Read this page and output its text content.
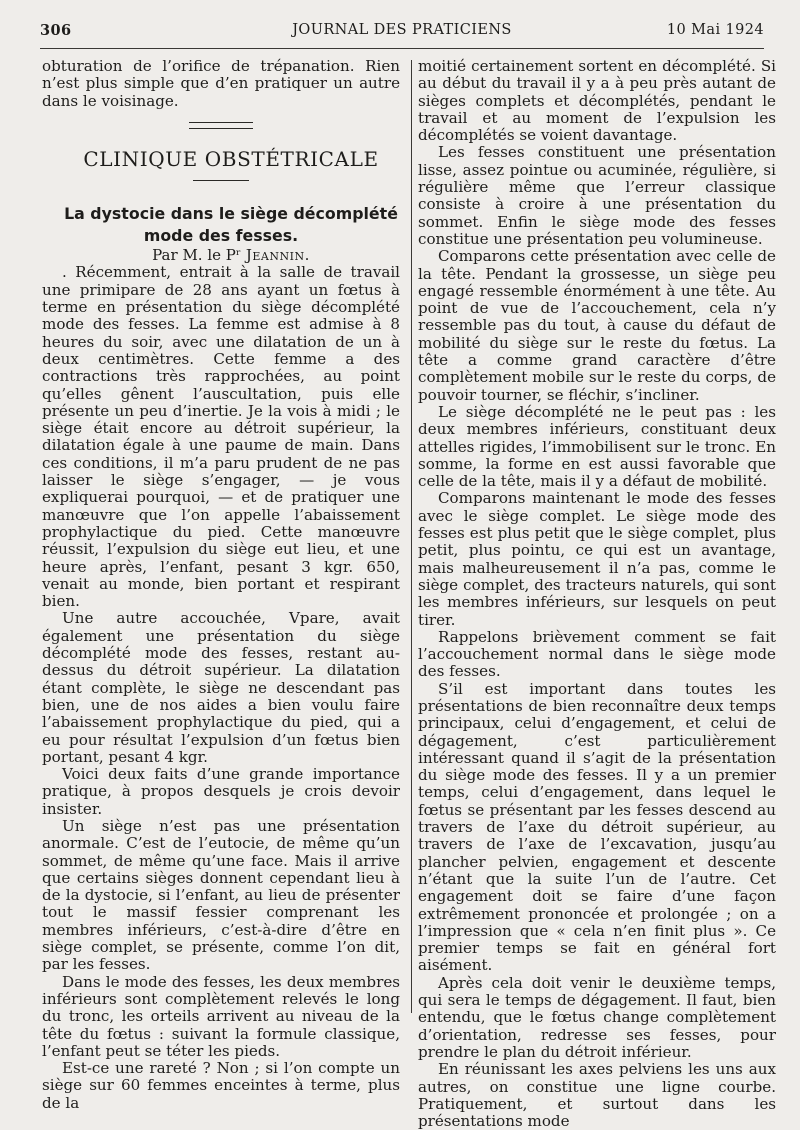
306	JOURNAL DES PRATICIENS	10 Mai 1924

obturation de l’orifice de trépanation. Rien n’est plus simple que d’en pratiquer un autre dans le voisinage.

CLINIQUE OBSTÉTRICALE

La dystocie dans le siège décomplété mode des fesses.

Par M. le Pʳ Jeannin.

. Récemment, entrait à la salle de travail une primipare de 28 ans ayant un fœtus à terme en présentation du siège décomplété mode des fesses. La femme est admise à 8 heures du soir, avec une dilatation de un à deux centimètres. Cette femme a des contractions très rapprochées, au point qu’elles gênent l’auscultation, puis elle présente un peu d’inertie. Je la vois à midi ; le siège était encore au détroit supérieur, la dilatation égale à une paume de main. Dans ces conditions, il m’a paru prudent de ne pas laisser le siège s’engager, — je vous expliquerai pourquoi, — et de pratiquer une manœuvre que l’on appelle l’abaissement prophylactique du pied. Cette manœuvre réussit, l’expulsion du siège eut lieu, et une heure après, l’enfant, pesant 3 kgr. 650, venait au monde, bien portant et respirant bien.

Une autre accouchée, Vpare, avait également une présentation du siège décomplété mode des fesses, restant au-dessus du détroit supérieur. La dilatation étant complète, le siège ne descendant pas bien, une de nos aides a bien voulu faire l’abaissement prophylactique du pied, qui a eu pour résultat l’expulsion d’un fœtus bien portant, pesant 4 kgr.

Voici deux faits d’une grande importance pratique, à propos desquels je crois devoir insister.

Un siège n’est pas une présentation anormale. C’est de l’eutocie, de même qu’un sommet, de même qu’une face. Mais il arrive que certains sièges donnent cependant lieu à de la dystocie, si l’enfant, au lieu de présenter tout le massif fessier comprenant les membres inférieurs, c’est-à-dire d’être en siège complet, se présente, comme l’on dit, par les fesses.

Dans le mode des fesses, les deux membres inférieurs sont complètement relevés le long du tronc, les orteils arrivent au niveau de la tête du fœtus : suivant la formule classique, l’enfant peut se téter les pieds.

Est-ce une rareté ? Non ; si l’on compte un siège sur 60 femmes enceintes à terme, plus de la

moitié certainement sortent en décomplété. Si au début du travail il y a à peu près autant de sièges complets et décomplétés, pendant le travail et au moment de l’expulsion les décomplétés se voient davantage.

Les fesses constituent une présentation lisse, assez pointue ou acuminée, régulière, si régulière même que l’erreur classique consiste à croire à une présentation du sommet. Enfin le siège mode des fesses constitue une présentation peu volumineuse.

Comparons cette présentation avec celle de la tête. Pendant la grossesse, un siège peu engagé ressemble énormément à une tête. Au point de vue de l’accouchement, cela n’y ressemble pas du tout, à cause du défaut de mobilité du siège sur le reste du fœtus. La tête a comme grand caractère d’être complètement mobile sur le reste du corps, de pouvoir tourner, se fléchir, s’incliner.

Le siège décomplété ne le peut pas : les deux membres inférieurs, constituant deux attelles rigides, l’immobilisent sur le tronc. En somme, la forme en est aussi favorable que celle de la tête, mais il y a défaut de mobilité.

Comparons maintenant le mode des fesses avec le siège complet. Le siège mode des fesses est plus petit que le siège complet, plus petit, plus pointu, ce qui est un avantage, mais malheureusement il n’a pas, comme le siège complet, des tracteurs naturels, qui sont les membres inférieurs, sur lesquels on peut tirer.

Rappelons brièvement comment se fait l’accouchement normal dans le siège mode des fesses.

S’il est important dans toutes les présentations de bien reconnaître deux temps principaux, celui d’engagement, et celui de dégagement, c’est particulièrement intéressant quand il s’agit de la présentation du siège mode des fesses. Il y a un premier temps, celui d’engagement, dans lequel le fœtus se présentant par les fesses descend au travers de l’axe du détroit supérieur, au travers de l’axe de l’excavation, jusqu’au plancher pelvien, engagement et descente n’étant que la suite l’un de l’autre. Cet engagement doit se faire d’une façon extrêmement prononcée et prolongée ; on a l’impression que « cela n’en finit plus ». Ce premier temps se fait en général fort aisément.

Après cela doit venir le deuxième temps, qui sera le temps de dégagement. Il faut, bien entendu, que le fœtus change complètement d’orientation, redresse ses fesses, pour prendre le plan du détroit inférieur.

En réunissant les axes pelviens les uns aux autres, on constitue une ligne courbe. Pratiquement, et surtout dans les présentations mode
